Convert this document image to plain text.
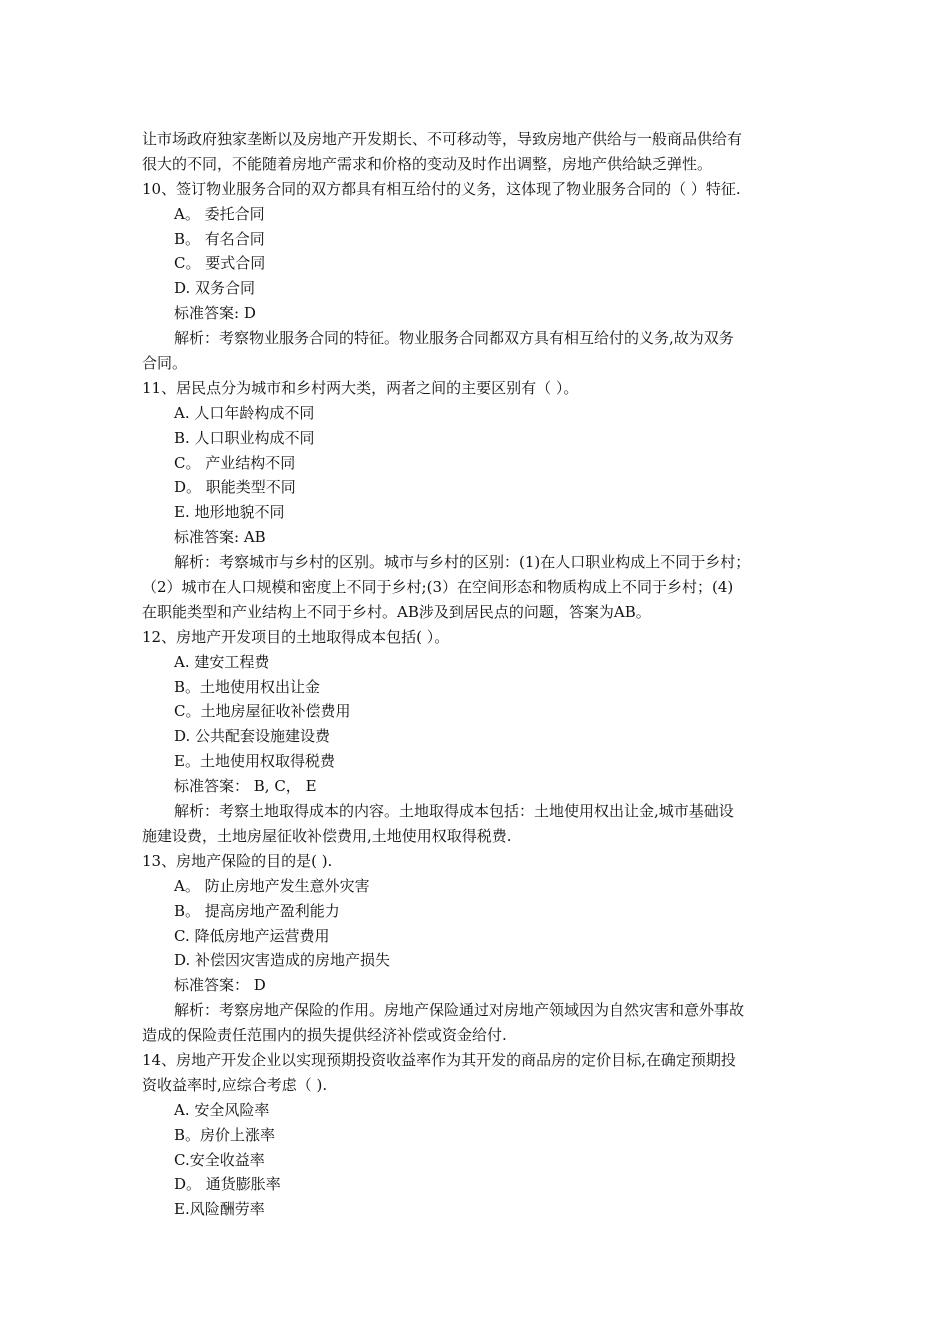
让市场政府独家垄断以及房地产开发期长、不可移动等，导致房地产供给与一般商品供给有
很大的不同，不能随着房地产需求和价格的变动及时作出调整，房地产供给缺乏弹性。
10、签订物业服务合同的双方都具有相互给付的义务，这体现了物业服务合同的（ ）特征.
A。 委托合同
B。 有名合同
C。 要式合同
D. 双务合同
标准答案: D
解析：考察物业服务合同的特征。物业服务合同都双方具有相互给付的义务,故为双务
合同。
11、居民点分为城市和乡村两大类，两者之间的主要区别有（ ）。
A. 人口年龄构成不同
B. 人口职业构成不同
C。 产业结构不同
D。 职能类型不同
E. 地形地貌不同
标准答案: AB
解析：考察城市与乡村的区别。城市与乡村的区别：(1)在人口职业构成上不同于乡村；
（2）城市在人口规模和密度上不同于乡村;(3）在空间形态和物质构成上不同于乡村；(4)
在职能类型和产业结构上不同于乡村。AB涉及到居民点的问题，答案为AB。
12、房地产开发项目的土地取得成本包括( ）。
A. 建安工程费
B。土地使用权出让金
C。土地房屋征收补偿费用
D. 公共配套设施建设费
E。土地使用权取得税费
标准答案： B, C， E
解析：考察土地取得成本的内容。土地取得成本包括：土地使用权出让金,城市基础设
施建设费，土地房屋征收补偿费用,土地使用权取得税费.
13、房地产保险的目的是( ).
A。 防止房地产发生意外灾害
B。 提高房地产盈利能力
C. 降低房地产运营费用
D. 补偿因灾害造成的房地产损失
标准答案： D
解析：考察房地产保险的作用。房地产保险通过对房地产领域因为自然灾害和意外事故
造成的保险责任范围内的损失提供经济补偿或资金给付.
14、房地产开发企业以实现预期投资收益率作为其开发的商品房的定价目标,在确定预期投
资收益率时,应综合考虑（ ).
A. 安全风险率
B。房价上涨率
C.安全收益率
D。 通货膨胀率
E.风险酬劳率
